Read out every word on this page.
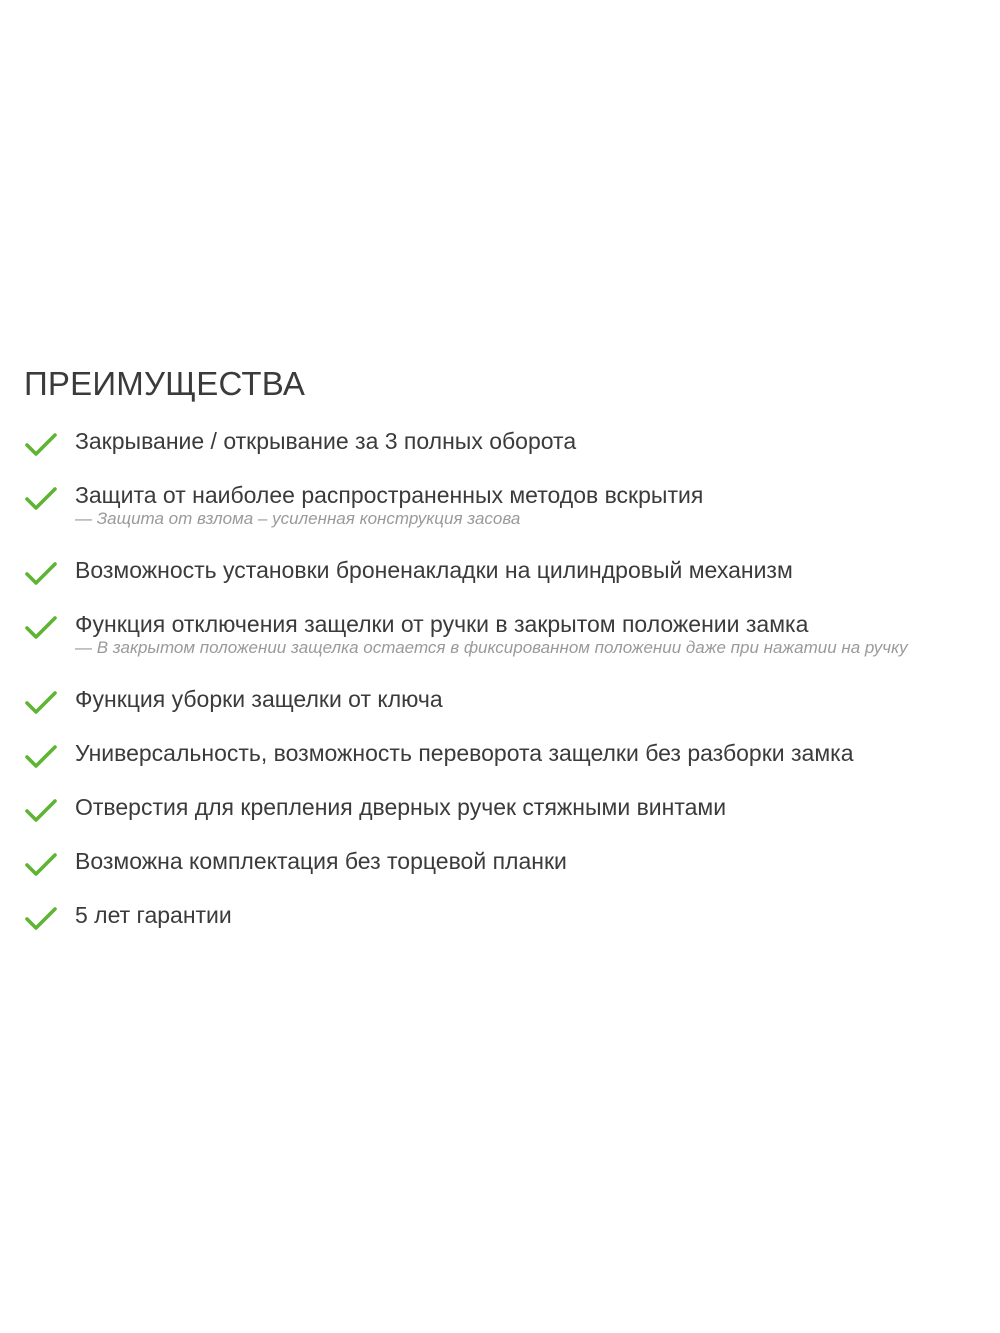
ПРЕИМУЩЕСТВА
Закрывание / открывание за 3 полных оборота
Защита от наиболее распространенных методов вскрытия
— Защита от взлома – усиленная конструкция засова
Возможность установки броненакладки на цилиндровый механизм
Функция отключения защелки от ручки в закрытом положении замка
— В закрытом положении защелка остается в фиксированном положении даже при нажатии на ручку
Функция уборки защелки от ключа
Универсальность, возможность переворота защелки без разборки замка
Отверстия для крепления дверных ручек стяжными винтами
Возможна комплектация без торцевой планки
5 лет гарантии
